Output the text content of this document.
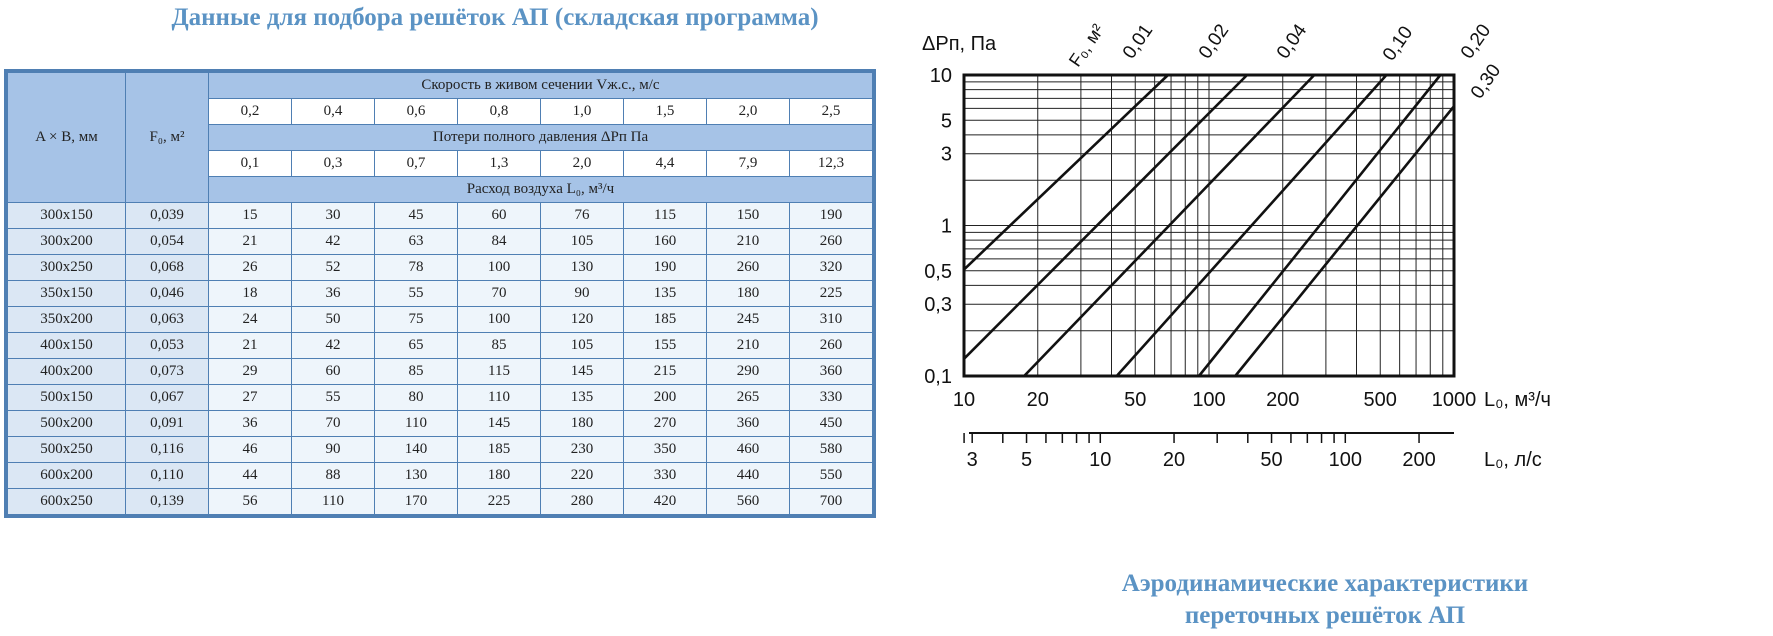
Данные для подбора решёток АП (складская программа)
A × B, мм	F₀, м²	Скорость в живом сечении Vж.с., м/с							
		0,2	0,4	0,6	0,8	1,0	1,5	2,0	2,5
		Потери полного давления ΔPп Па							
		0,1	0,3	0,7	1,3	2,0	4,4	7,9	12,3
		Расход воздуха L₀, м³/ч							
300x150	0,039	15	30	45	60	76	115	150	190
300x200	0,054	21	42	63	84	105	160	210	260
300x250	0,068	26	52	78	100	130	190	260	320
350x150	0,046	18	36	55	70	90	135	180	225
350x200	0,063	24	50	75	100	120	185	245	310
400x150	0,053	21	42	65	85	105	155	210	260
400x200	0,073	29	60	85	115	145	215	290	360
500x150	0,067	27	55	80	110	135	200	265	330
500x200	0,091	36	70	110	145	180	270	360	450
500x250	0,116	46	90	140	185	230	350	460	580
600x200	0,110	44	88	130	180	220	330	440	550
600x250	0,139	56	110	170	225	280	420	560	700
0,01 0,02 0,04	0,10 0,20
0,30
F₀, м²
ΔPп, Па
0,1
0,3
0,5
1
3
5
10
10	20	50 100 200	500 1000 L₀, м³/ч
3 5	10	20	50 100 200 L₀, л/с
Аэродинамические характеристики переточных решёток АП
